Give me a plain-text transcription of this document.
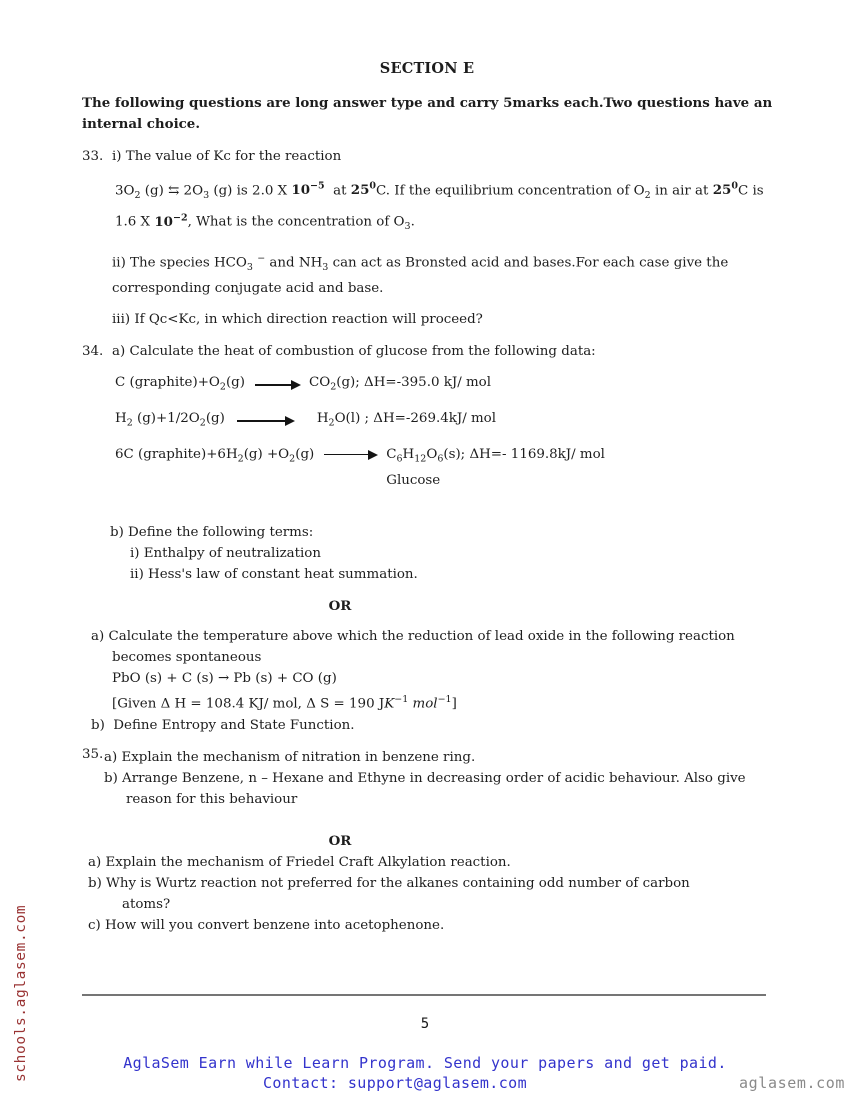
SECTION E
The following questions are long answer type and carry 5marks each.Two questions have an
internal choice.
33. i) The value of Kc for the reaction
$3O_2$ (g) ⇆ $2O_3$ (g) is 2.0 X $10^{-5}$  at $25^0C$. If the equilibrium concentration of $O_2$ in air at $25^0C$ is
1.6 X $10^{-2}$, What is the concentration of $O_3$.
ii) The species $HCO_3$ − and $NH_3$ can act as Bronsted acid and bases.For each case give the
corresponding conjugate acid and base.
iii) If Qc<Kc, in which direction reaction will proceed?
34. a) Calculate the heat of combustion of glucose from the following data:
C $(graphite)+O_2(g)$	$CO_2(g)$; ΔH=-395.0 kJ/ mol
$H_2$ $(g)+1/2O_2(g)$	$H_2O(l)$ ; ΔH=-269.4kJ/ mol
6C $(graphite)+6H_2(g) +O_2(g)$	$C_6H_{12}O_6(s)$; ΔH=- 1169.8kJ/ mol
Glucose
b) Define the following terms:
i) Enthalpy of neutralization
ii) Hess's law of constant heat summation.
OR
a) Calculate the temperature above which the reduction of lead oxide in the following reaction
becomes spontaneous
PbO (s) + C (s) → Pb (s) + CO (g)
[Given Δ H = 108.4 KJ/ mol, Δ S = 190 $JK^{-1}$ mol$^{-1}$]
b)  Define Entropy and State Function.
35. a) Explain the mechanism of nitration in benzene ring.
b) Arrange Benzene, n – Hexane and Ethyne in decreasing order of acidic behaviour. Also give
reason for this behaviour
OR
a) Explain the mechanism of Friedel Craft Alkylation reaction.
b) Why is Wurtz reaction not preferred for the alkanes containing odd number of carbon
atoms?
c) How will you convert benzene into acetophenone.
5
AglaSem Earn while Learn Program. Send your papers and get paid.
Contact: support@aglasem.com	aglasem.com
schools.aglasem.com
